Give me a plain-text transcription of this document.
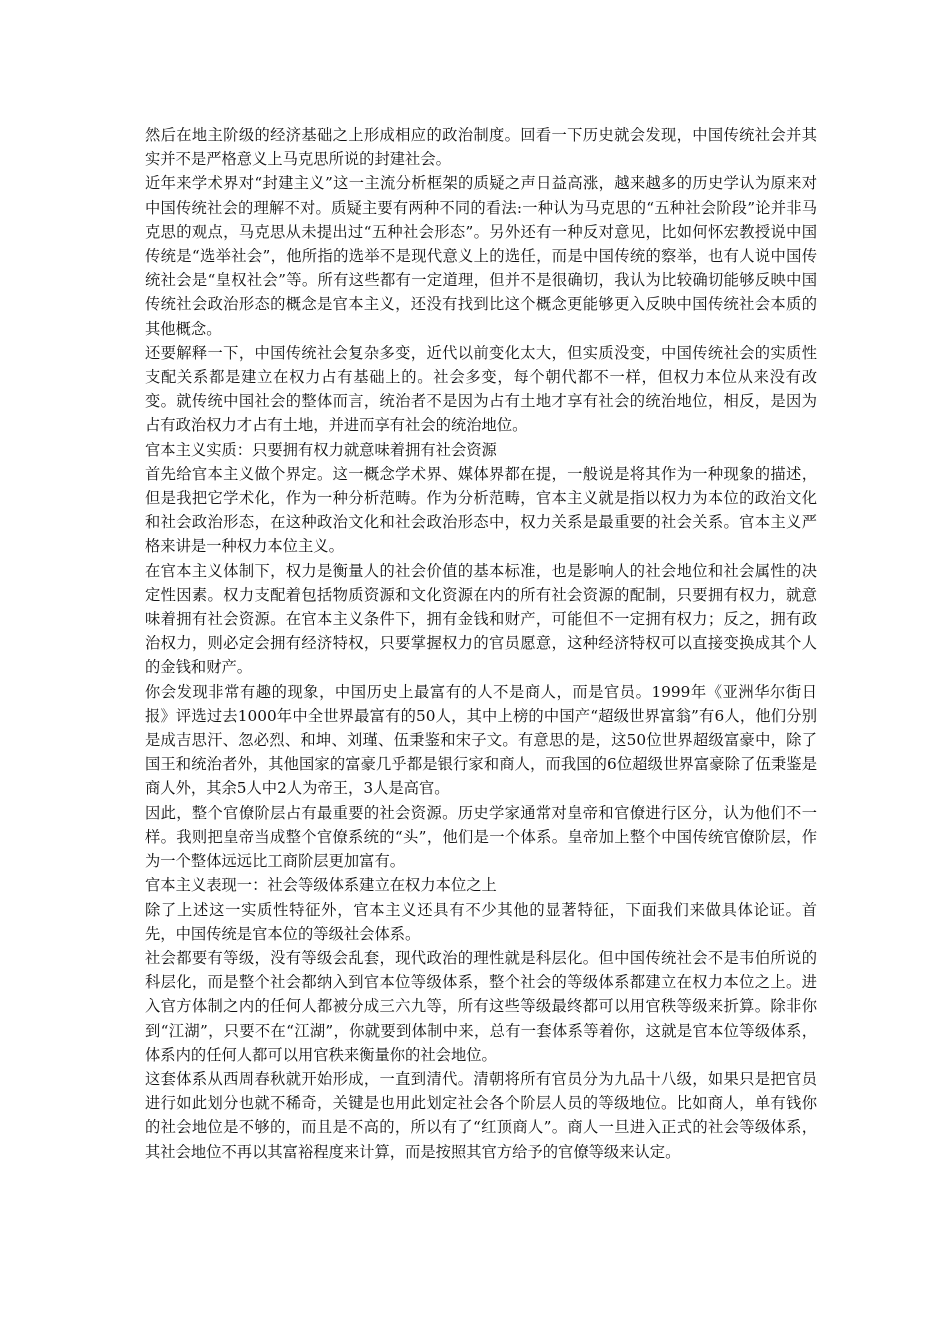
然后在地主阶级的经济基础之上形成相应的政治制度。回看一下历史就会发现，中国传统社会并其实并不是严格意义上马克思所说的封建社会。

近年来学术界对“封建主义”这一主流分析框架的质疑之声日益高涨，越来越多的历史学认为原来对中国传统社会的理解不对。质疑主要有两种不同的看法:一种认为马克思的“五种社会阶段”论并非马克思的观点，马克思从未提出过“五种社会形态”。另外还有一种反对意见，比如何怀宏教授说中国传统是“选举社会”，他所指的选举不是现代意义上的选任，而是中国传统的察举，也有人说中国传统社会是“皇权社会”等。所有这些都有一定道理，但并不是很确切，我认为比较确切能够反映中国传统社会政治形态的概念是官本主义，还没有找到比这个概念更能够更入反映中国传统社会本质的其他概念。

还要解释一下，中国传统社会复杂多变，近代以前变化太大，但实质没变，中国传统社会的实质性支配关系都是建立在权力占有基础上的。社会多变，每个朝代都不一样，但权力本位从来没有改变。就传统中国社会的整体而言，统治者不是因为占有土地才享有社会的统治地位，相反，是因为占有政治权力才占有土地，并进而享有社会的统治地位。

官本主义实质：只要拥有权力就意味着拥有社会资源

首先给官本主义做个界定。这一概念学术界、媒体界都在提，一般说是将其作为一种现象的描述，但是我把它学术化，作为一种分析范畴。作为分析范畴，官本主义就是指以权力为本位的政治文化和社会政治形态，在这种政治文化和社会政治形态中，权力关系是最重要的社会关系。官本主义严格来讲是一种权力本位主义。

在官本主义体制下，权力是衡量人的社会价值的基本标准，也是影响人的社会地位和社会属性的决定性因素。权力支配着包括物质资源和文化资源在内的所有社会资源的配制，只要拥有权力，就意味着拥有社会资源。在官本主义条件下，拥有金钱和财产，可能但不一定拥有权力；反之，拥有政治权力，则必定会拥有经济特权，只要掌握权力的官员愿意，这种经济特权可以直接变换成其个人的金钱和财产。

你会发现非常有趣的现象，中国历史上最富有的人不是商人，而是官员。1999年《亚洲华尔街日报》评选过去1000年中全世界最富有的50人，其中上榜的中国产“超级世界富翁”有6人，他们分别是成吉思汗、忽必烈、和坤、刘瑾、伍秉鉴和宋子文。有意思的是，这50位世界超级富豪中，除了国王和统治者外，其他国家的富豪几乎都是银行家和商人，而我国的6位超级世界富豪除了伍秉鉴是商人外，其余5人中2人为帝王，3人是高官。

因此，整个官僚阶层占有最重要的社会资源。历史学家通常对皇帝和官僚进行区分，认为他们不一样。我则把皇帝当成整个官僚系统的“头”，他们是一个体系。皇帝加上整个中国传统官僚阶层，作为一个整体远远比工商阶层更加富有。

官本主义表现一：社会等级体系建立在权力本位之上

除了上述这一实质性特征外，官本主义还具有不少其他的显著特征，下面我们来做具体论证。首先，中国传统是官本位的等级社会体系。

社会都要有等级，没有等级会乱套，现代政治的理性就是科层化。但中国传统社会不是韦伯所说的科层化，而是整个社会都纳入到官本位等级体系，整个社会的等级体系都建立在权力本位之上。进入官方体制之内的任何人都被分成三六九等，所有这些等级最终都可以用官秩等级来折算。除非你到“江湖”，只要不在“江湖”，你就要到体制中来，总有一套体系等着你，这就是官本位等级体系，体系内的任何人都可以用官秩来衡量你的社会地位。

这套体系从西周春秋就开始形成，一直到清代。清朝将所有官员分为九品十八级，如果只是把官员进行如此划分也就不稀奇，关键是也用此划定社会各个阶层人员的等级地位。比如商人，单有钱你的社会地位是不够的，而且是不高的，所以有了“红顶商人”。商人一旦进入正式的社会等级体系，其社会地位不再以其富裕程度来计算，而是按照其官方给予的官僚等级来认定。
